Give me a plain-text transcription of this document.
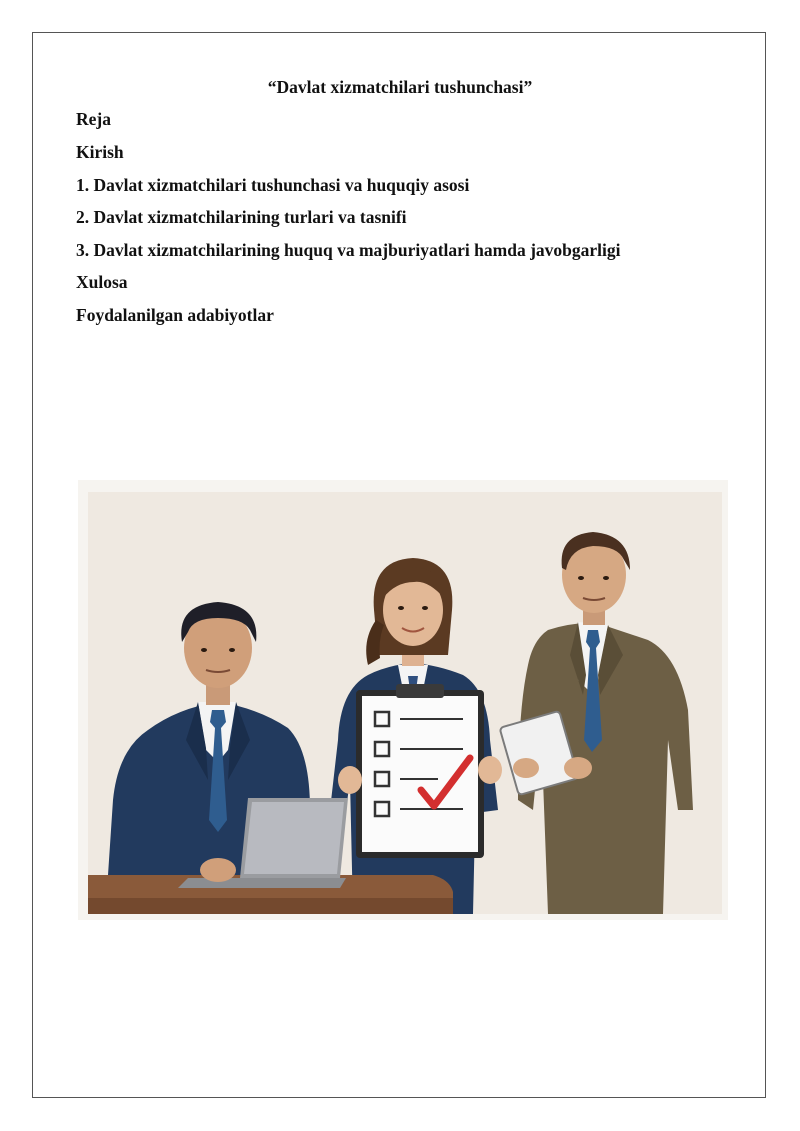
“Davlat xizmatchilari tushunchasi”
Reja
Kirish
1. Davlat xizmatchilari tushunchasi va huquqiy asosi
2. Davlat xizmatchilarining turlari va tasnifi
3. Davlat xizmatchilarining huquq va majburiyatlari hamda javobgarligi
Xulosa
Foydalanilgan adabiyotlar
